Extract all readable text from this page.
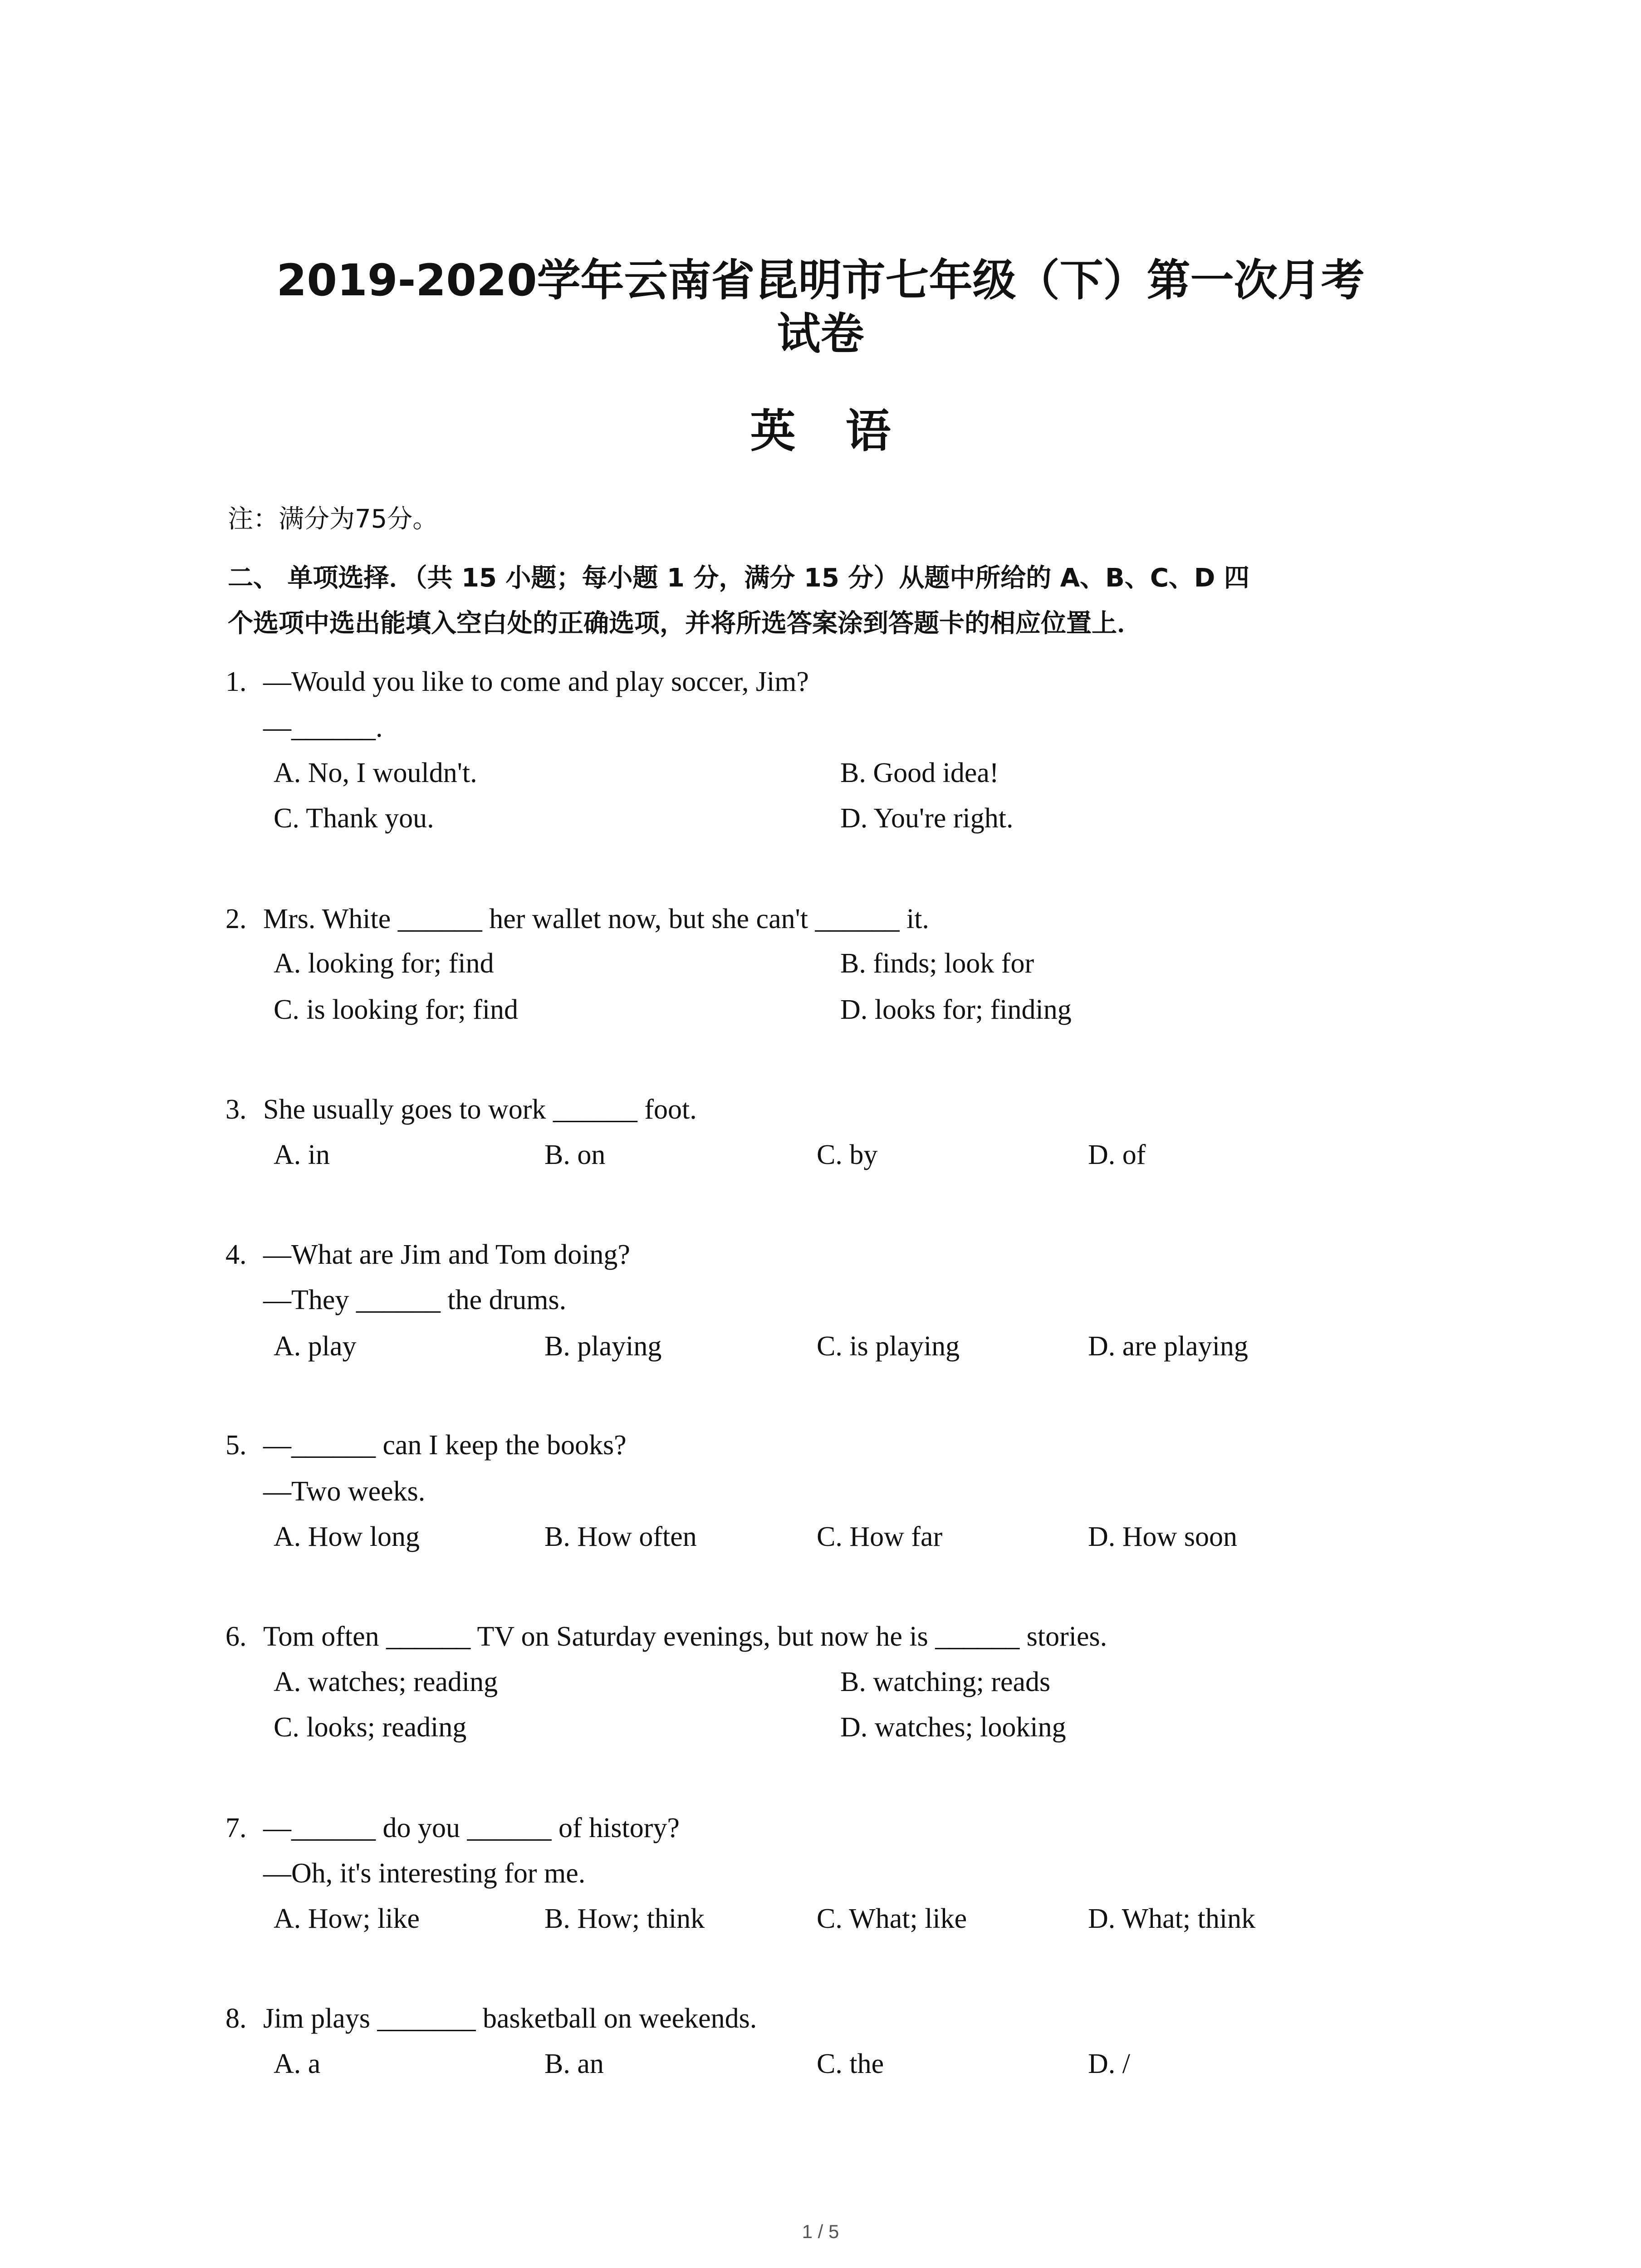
2019-2020学年云南省昆明市七年级（下）第一次月考
试卷
英语
注：满分为75分。
二、 单项选择．（共 15 小题；每小题 1 分，满分 15 分）从题中所给的 A、B、C、D 四
个选项中选出能填入空白处的正确选项，并将所选答案涂到答题卡的相应位置上．
1. —Would you like to come and play soccer, Jim?
—______.
A. No, I wouldn't.	B. Good idea!
C. Thank you.	D. You're right.
2. Mrs. White ______ her wallet now, but she can't ______ it.
A. looking for; find	B. finds; look for
C. is looking for; find	D. looks for; finding
3. She usually goes to work ______ foot.
A. in	B. on	C. by	D. of
4. —What are Jim and Tom doing?
—They ______ the drums.
A. play	B. playing	C. is playing	D. are playing
5. —______ can I keep the books?
—Two weeks.
A. How long	B. How often	C. How far	D. How soon
6. Tom often ______ TV on Saturday evenings, but now he is ______ stories.
A. watches; reading	B. watching; reads
C. looks; reading	D. watches; looking
7. —______ do you ______ of history?
—Oh, it's interesting for me.
A. How; like	B. How; think	C. What; like	D. What; think
8. Jim plays _______ basketball on weekends.
A. a	B. an	C. the	D. /
1 / 5
